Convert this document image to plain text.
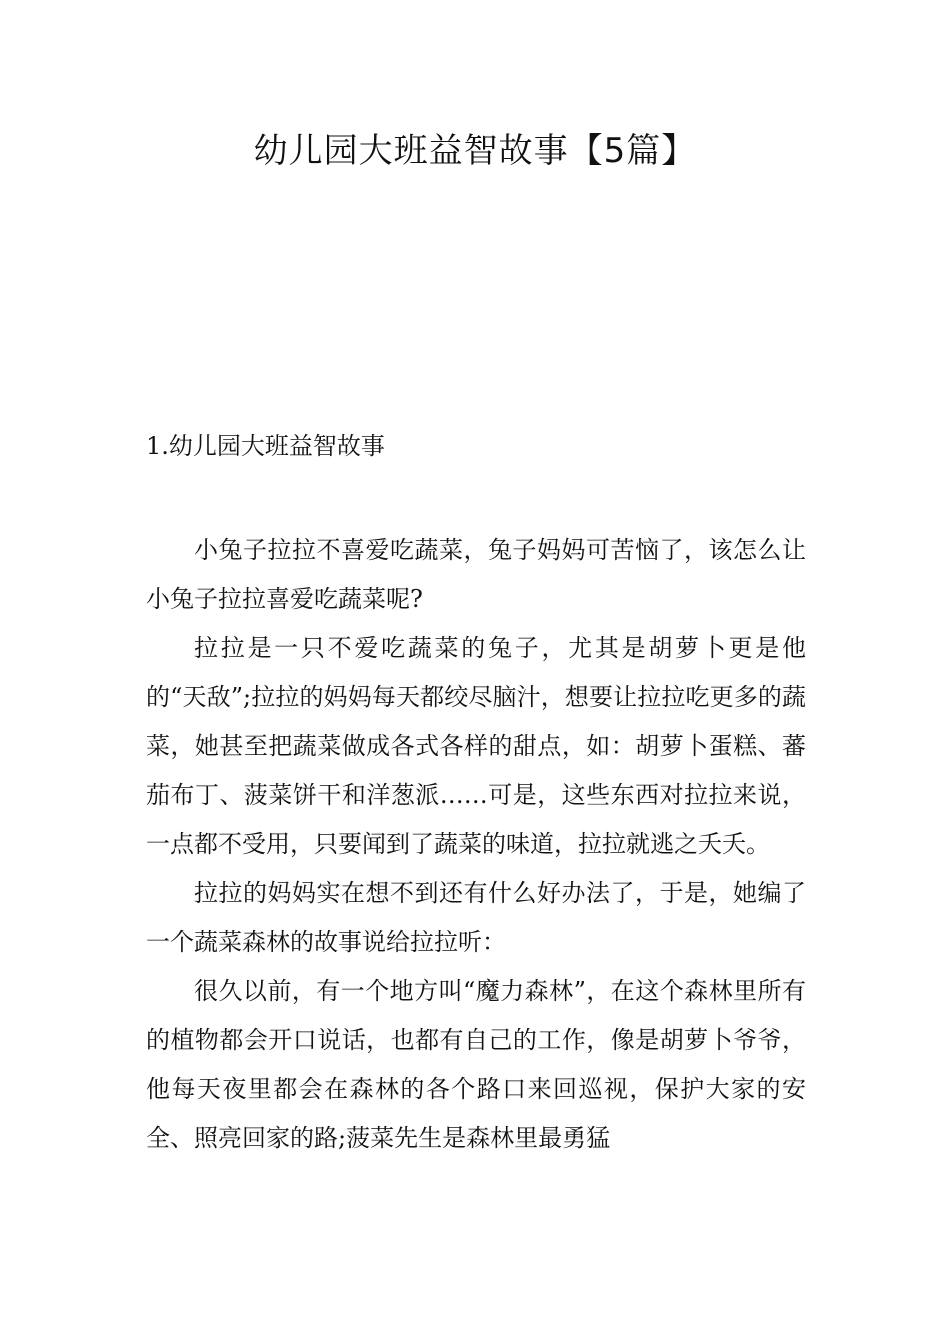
幼儿园大班益智故事【5篇】
1.幼儿园大班益智故事

小兔子拉拉不喜爱吃蔬菜，兔子妈妈可苦恼了，该怎么让小兔子拉拉喜爱吃蔬菜呢?

拉拉是一只不爱吃蔬菜的兔子，尤其是胡萝卜更是他的“天敌”;拉拉的妈妈每天都绞尽脑汁，想要让拉拉吃更多的蔬菜，她甚至把蔬菜做成各式各样的甜点，如：胡萝卜蛋糕、蕃茄布丁、菠菜饼干和洋葱派……可是，这些东西对拉拉来说，一点都不受用，只要闻到了蔬菜的味道，拉拉就逃之夭夭。

拉拉的妈妈实在想不到还有什么好办法了，于是，她编了一个蔬菜森林的故事说给拉拉听：

很久以前，有一个地方叫“魔力森林”，在这个森林里所有的植物都会开口说话，也都有自己的工作，像是胡萝卜爷爷，他每天夜里都会在森林的各个路口来回巡视，保护大家的安全、照亮回家的路;菠菜先生是森林里最勇猛
